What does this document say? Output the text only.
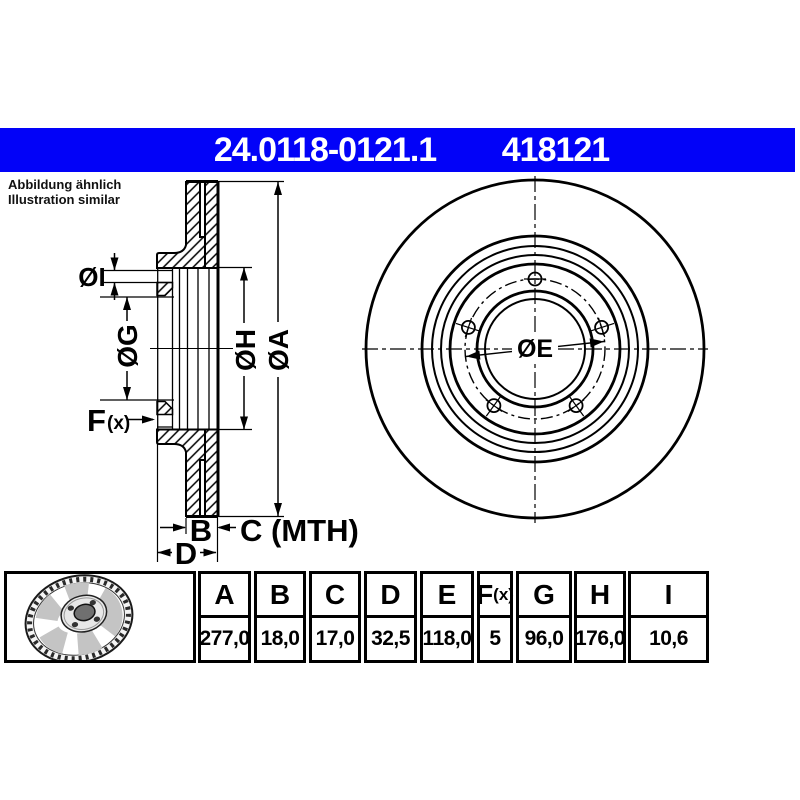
24.0118-0121.1	418121
Abbildung ähnlich
Illustration similar
ØI
ØG	ØH ØA
F (x)
B C (MTH)
D
ØE
A
277,0
B
18,0
C
17,0
D
32,5
E
118,0
F (x)
5
G
96,0
H
176,0
I
10,6
